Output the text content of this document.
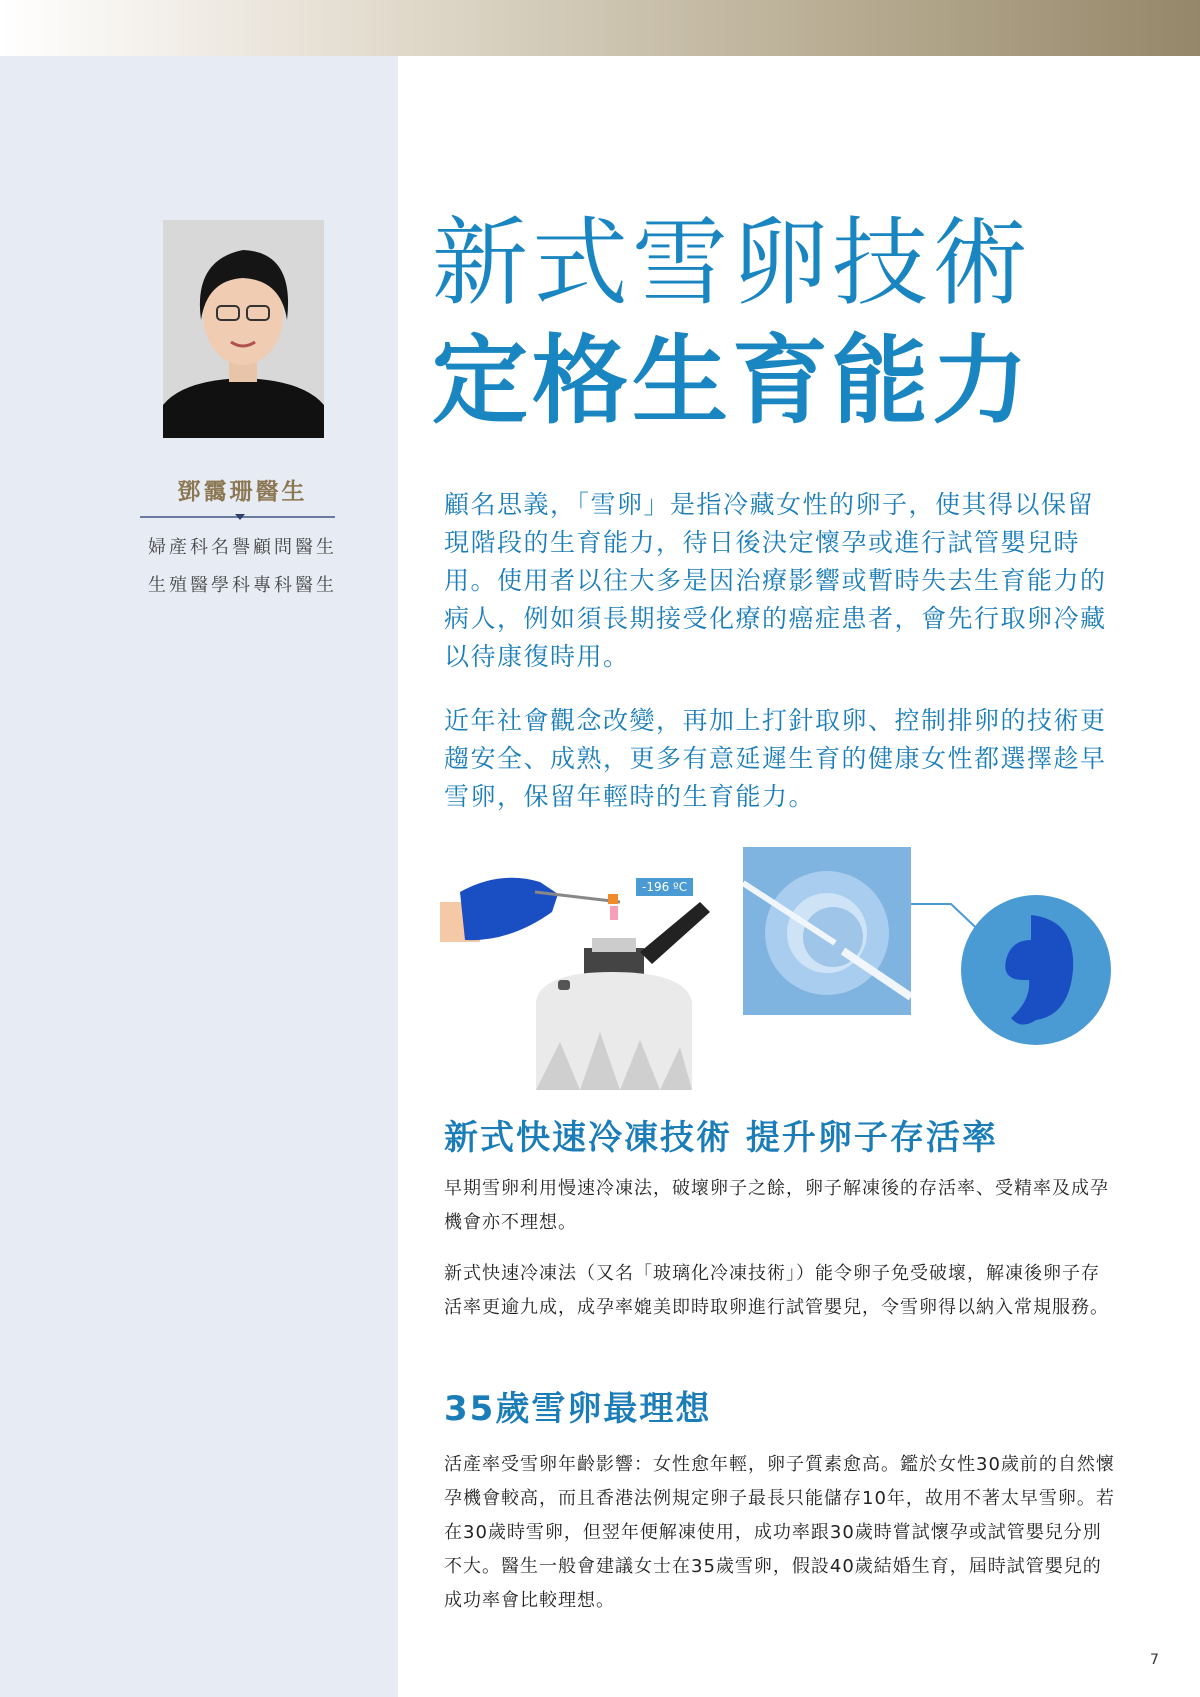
鄧靄珊醫生
婦產科名譽顧問醫生
生殖醫學科專科醫生
新式雪卵技術
定格生育能力

顧名思義，「雪卵」是指冷藏女性的卵子，使其得以保留現階段的生育能力，待日後決定懷孕或進行試管嬰兒時用。使用者以往大多是因治療影響或暫時失去生育能力的病人，例如須長期接受化療的癌症患者，會先行取卵冷藏以待康復時用。

近年社會觀念改變，再加上打針取卵、控制排卵的技術更趨安全、成熟，更多有意延遲生育的健康女性都選擇趁早雪卵，保留年輕時的生育能力。

-196 ºC
新式快速冷凍技術 提升卵子存活率

早期雪卵利用慢速冷凍法，破壞卵子之餘，卵子解凍後的存活率、受精率及成孕機會亦不理想。

新式快速冷凍法（又名「玻璃化冷凍技術」）能令卵子免受破壞，解凍後卵子存活率更逾九成，成孕率媲美即時取卵進行試管嬰兒，令雪卵得以納入常規服務。

35歲雪卵最理想

活產率受雪卵年齡影響：女性愈年輕，卵子質素愈高。鑑於女性30歲前的自然懷孕機會較高，而且香港法例規定卵子最長只能儲存10年，故用不著太早雪卵。若在30歲時雪卵，但翌年便解凍使用，成功率跟30歲時嘗試懷孕或試管嬰兒分別不大。醫生一般會建議女士在35歲雪卵，假設40歲結婚生育，屆時試管嬰兒的成功率會比較理想。

7
